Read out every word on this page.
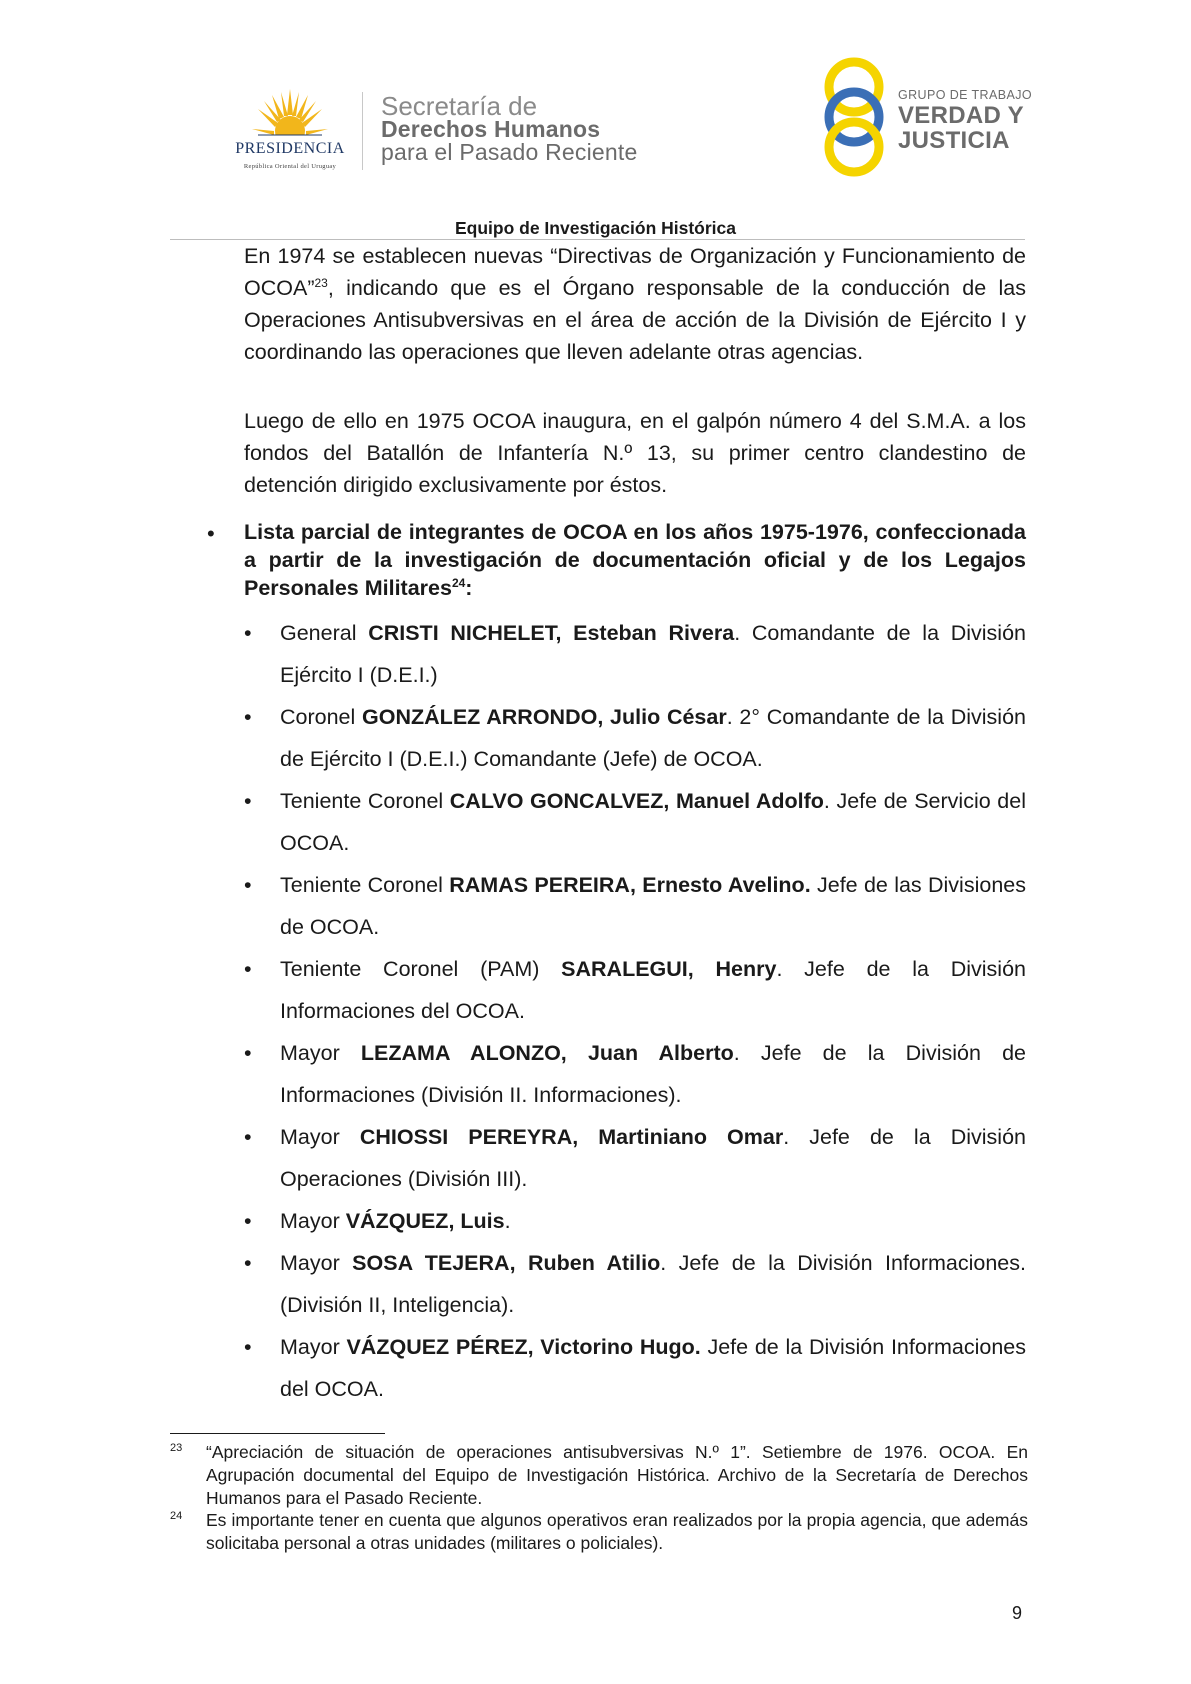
PRESIDENCIA
República Oriental del Uruguay
Secretaría de
Derechos Humanos
para el Pasado Reciente
GRUPO DE TRABAJO
VERDAD Y
JUSTICIA
Equipo de Investigación Histórica
En 1974 se establecen nuevas “Directivas de Organización y Funcionamiento de OCOA”$^{23}$, indicando que es el Órgano responsable de la conducción de las Operaciones Antisubversivas en el área de acción de la División de Ejército I y coordinando las operaciones que lleven adelante otras agencias.
Luego de ello en 1975 OCOA inaugura, en el galpón número 4 del S.M.A. a los fondos del Batallón de Infantería N.º 13, su primer centro clandestino de detención dirigido exclusivamente por éstos.
• Lista parcial de integrantes de OCOA en los años 1975-1976, confeccionada a partir de la investigación de documentación oficial y de los Legajos Personales Militares$^{24}$:
• General CRISTI NICHELET, Esteban Rivera. Comandante de la División Ejército I (D.E.I.)
• Coronel GONZÁLEZ ARRONDO, Julio César. 2° Comandante de la División de Ejército I (D.E.I.) Comandante (Jefe) de OCOA.
• Teniente Coronel CALVO GONCALVEZ, Manuel Adolfo. Jefe de Servicio del OCOA.
• Teniente Coronel RAMAS PEREIRA, Ernesto Avelino. Jefe de las Divisiones de OCOA.
• Teniente Coronel (PAM) SARALEGUI, Henry. Jefe de la División Informaciones del OCOA.
• Mayor LEZAMA ALONZO, Juan Alberto. Jefe de la División de Informaciones (División II. Informaciones).
• Mayor CHIOSSI PEREYRA, Martiniano Omar. Jefe de la División Operaciones (División III).
• Mayor VÁZQUEZ, Luis.
• Mayor SOSA TEJERA, Ruben Atilio. Jefe de la División Informaciones. (División II, Inteligencia).
• Mayor VÁZQUEZ PÉREZ, Victorino Hugo. Jefe de la División Informaciones del OCOA.
23 “Apreciación de situación de operaciones antisubversivas N.º 1”. Setiembre de 1976. OCOA. En Agrupación documental del Equipo de Investigación Histórica. Archivo de la Secretaría de Derechos Humanos para el Pasado Reciente.
24 Es importante tener en cuenta que algunos operativos eran realizados por la propia agencia, que además solicitaba personal a otras unidades (militares o policiales).
9
